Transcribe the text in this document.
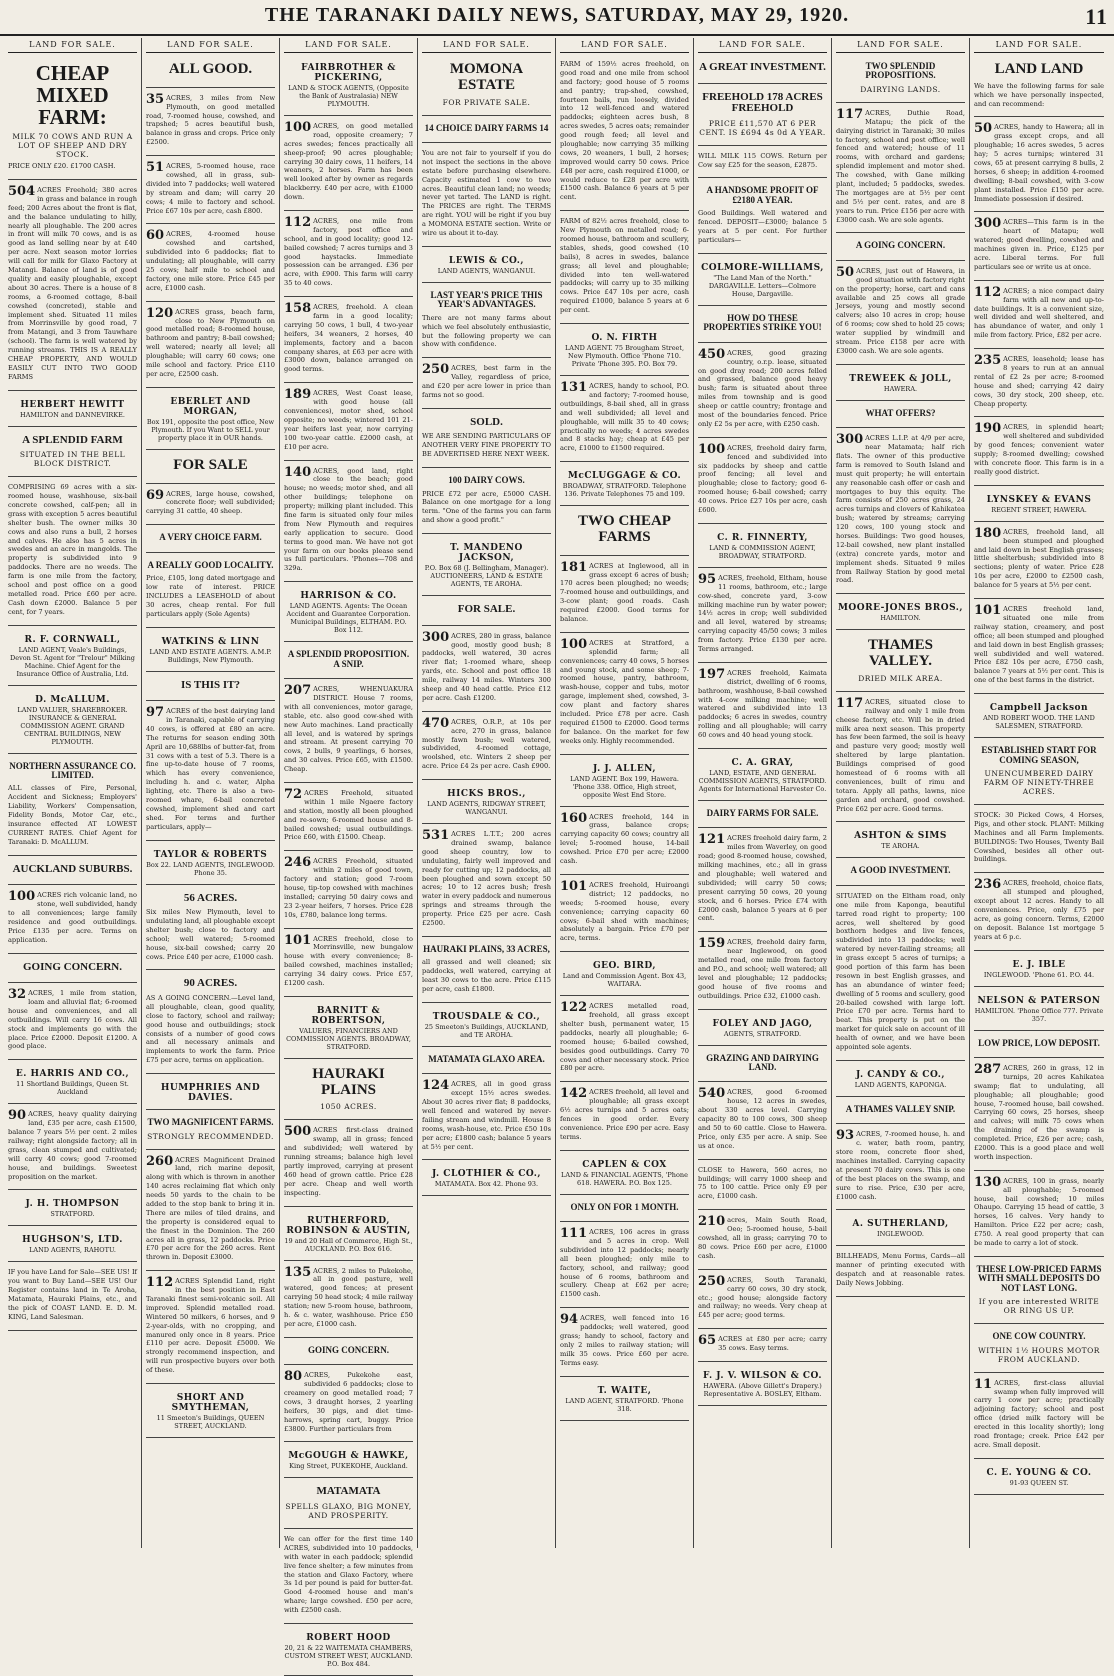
THE TARANAKI DAILY NEWS, SATURDAY, MAY 29, 1920.	11
LAND FOR SALE.
CHEAP MIXED FARM:
MILK 70 COWS AND RUN A LOT OF SHEEP AND DRY STOCK.
PRICE ONLY £20. £1700 CASH.
504 ACRES Freehold; 380 acres in grass and balance in rough feed; 200 Acres about the front is flat, and the balance undulating to hilly, nearly all ploughable. The 200 acres in front will milk 70 cows, and is as good as land selling near by at £40 per acre. Next season motor lorries will call for milk for Glaxo Factory at Matangi. Balance of land is of good quality and easily ploughable, except about 30 acres. There is a house of 8 rooms, a 6-roomed cottage, 8-bail cowshed (concreted), stable and implement shed. Situated 11 miles from Morrinsville by good road, 7 from Matangi, and 3 from Tauwhare (school). The farm is well watered by running streams. THIS IS A REALLY CHEAP PROPERTY, AND WOULD EASILY CUT INTO TWO GOOD FARMS
HERBERT HEWITT
HAMILTON and DANNEVIRKE.
A SPLENDID FARM
SITUATED IN THE BELL BLOCK DISTRICT.
COMPRISING 69 acres with a six-roomed house, washhouse, six-bail concrete cowshed, calf-pen; all in grass with exception 5 acres beautiful shelter bush. The owner milks 30 cows and also runs a bull, 2 horses and calves. He also has 5 acres in swedes and an acre in mangolds. The property is subdivided into 9 paddocks. There are no weeds. The farm is one mile from the factory, school and post office on a good metalled road. Price £60 per acre. Cash down £2000. Balance 5 per cent, for 7 years.
R. F. CORNWALL,
LAND AGENT, Veale's Buildings, Devon St. Agent for "Trelour" Milking Machine. Chief Agent for the Insurance Office of Australia, Ltd.
D. McALLUM.
LAND VALUER, SHAREBROKER. INSURANCE & GENERAL COMMISSION AGENT. GRAND CENTRAL BUILDINGS, NEW PLYMOUTH.
NORTHERN ASSURANCE CO. LIMITED.
ALL classes of Fire, Personal, Accident and Sickness; Employers' Liability, Workers' Compensation, Fidelity Bonds, Motor Car, etc., insurance effected AT LOWEST CURRENT RATES. Chief Agent for Taranaki: D. McALLUM.
AUCKLAND SUBURBS.
100 ACRES rich volcanic land, no stone, well subdivided, handy to all conveniences; large family residence and good outbuildings. Price £135 per acre. Terms on application.
GOING CONCERN.
32 ACRES, 1 mile from station, loam and alluvial flat; 6-roomed house and conveniences, and all outbuildings. Will carry 16 cows. All stock and implements go with the place. Price £2000. Deposit £1200. A good place.
E. HARRIS AND CO.,
11 Shortland Buildings, Queen St. Auckland
90 ACRES, heavy quality dairying land, £35 per acre, cash £1500, balance 7 years 5½ per cent. 2 miles railway; right alongside factory; all in grass, clean stumped and cultivated; will carry 40 cows; good 7-roomed house, and buildings. Sweetest proposition on the market.
J. H. THOMPSON
STRATFORD.
HUGHSON'S, LTD.
LAND AGENTS, RAHOTU.
IF you have Land for Sale—SEE US! If you want to Buy Land—SEE US! Our Register contains land in Te Aroha, Matamata, Hauraki Plains, etc., and the pick of COAST LAND. E. D. M. KING, Land Salesman.
LAND FOR SALE.
ALL GOOD.
35 ACRES, 3 miles from New Plymouth, on good metalled road, 7-roomed house, cowshed, and trapshed; 5 acres beautiful bush, balance in grass and crops. Price only £2500.
51 ACRES, 5-roomed house, race cowshed, all in grass, sub-divided into 7 paddocks; well watered by stream and dam; will carry 20 cows; 4 mile to factory and school. Price £67 10s per acre, cash £800.
60 ACRES, 4-roomed house cowshed and cartshed, subdivided into 6 paddocks; flat to undulating; all ploughable, will carry 25 cows; half mile to school and factory, one mile store. Price £45 per acre, £1000 cash.
120 ACRES grass, beach farm, close to New Plymouth on good metalled road; 8-roomed house, bathroom and pantry; 8-bail cowshed; well watered; nearly all level; all ploughable; will carry 60 cows; one mile school and factory. Price £110 per acre, £2500 cash.
EBERLET AND MORGAN,
Box 191, opposite the post office, New Plymouth. If you Want to SELL your property place it in OUR hands.
FOR SALE
69 ACRES, large house, cowshed, concrete floor; well subdivided; carrying 31 cattle, 40 sheep.
A VERY CHOICE FARM.
A REALLY GOOD LOCALITY.
Price, £105, long dated mortgage and low rate of interest. PRICE INCLUDES a LEASEHOLD of about 30 acres, cheap rental. For full particulars apply (Sole Agents)
WATKINS & LINN
LAND AND ESTATE AGENTS. A.M.P. Buildings, New Plymouth.
IS THIS IT?
97 ACRES of the best dairying land in Taranaki, capable of carrying 40 cows, is offered at £80 an acre. The returns for season ending 30th April are 10,688lbs of butter-fat, from 31 cows with a test of 5.3. There is a fine up-to-date house of 7 rooms, which has every convenience, including h. and c. water, Alpha lighting, etc. There is also a two-roomed whare, 6-bail concreted cowshed, implement shed and cart shed. For terms and further particulars, apply—
TAYLOR & ROBERTS
Box 22. LAND AGENTS, INGLEWOOD. Phone 35.
56 ACRES.
Six miles New Plymouth, level to undulating land, all ploughable except shelter bush; close to factory and school; well watered; 5-roomed house, six-bail cowshed; carry 20 cows. Price £40 per acre, £1000 cash.
90 ACRES.
AS A GOING CONCERN.—Level land, all ploughable, clean, good quality, close to factory, school and railway; good house and outbuildings; stock consists of a number of good cows and all necessary animals and implements to work the farm. Price £75 per acre, terms on application.
HUMPHRIES AND DAVIES.
TWO MAGNIFICENT FARMS.
STRONGLY RECOMMENDED.
260 ACRES Magnificent Drained land, rich marine deposit, along with which is thrown in another 140 acres reclaiming flat which only needs 50 yards to the chain to be added to the stop bank to bring it in. There are miles of tiled drains, and the property is considered equal to the finest in the Dominion. The 260 acres all in grass, 12 paddocks. Price £70 per acre for the 260 acres. Rent thrown in. Deposit £3000.
112 ACRES Splendid Land, right in the best position in East Taranaki finest semi-volcanic soil. All improved. Splendid metalled road. Wintered 50 milkers, 6 horses, and 9 2-year-olds, with no cropping, and manured only once in 8 years. Price £110 per acre. Deposit £5000. We strongly recommend inspection, and will run prospective buyers over both of these.
SHORT AND SMYTHEMAN,
11 Smeeton's Buildings, QUEEN STREET, AUCKLAND.
LAND FOR SALE.
FAIRBROTHER & PICKERING,
LAND & STOCK AGENTS, (Opposite the Bank of Australasia) NEW PLYMOUTH.
100 ACRES, on good metalled road, opposite creamery; 7 acres swedes; fences practically all sheep-proof; 90 acres ploughable; carrying 30 dairy cows, 11 heifers, 14 weaners, 2 horses. Farm has been well looked after by owner as regards blackberry. £40 per acre, with £1000 down.
112 ACRES, one mile from factory, post office and school, and in good locality; good 12-bailed cowshed; 7 acres turnips and 3 good haystacks. Immediate possession can be arranged. £36 per acre, with £900. This farm will carry 35 to 40 cows.
158 ACRES, freehold. A clean farm in a good locality; carrying 50 cows, 1 bull, 4 two-year heifers, 34 weaners, 2 horses, 40 implements, factory and a bacon company shares, at £63 per acre with £3000 down, balance arranged on good terms.
189 ACRES, West Coast lease, with good house (all conveniences), motor shed, school opposite; no weeds; wintered 101 21-year heifers last year, now carrying 100 two-year cattle. £2000 cash, at £10 per acre.
140 ACRES, good land, right close to the beach; good house; no weeds; motor shed, and all other buildings; telephone on property; milking plant included. This fine farm is situated only four miles from New Plymouth and requires early application to secure. Good terms to good man. We have not got your farm on our books please send us full particulars. 'Phones—708 and 329a.
HARRISON & CO.
LAND AGENTS. Agents: The Ocean Accident and Guarantee Corporation. Municipal Buildings, ELTHAM. P.O. Box 112.
A SPLENDID PROPOSITION. A SNIP.
207 ACRES, WHENUAKURA DISTRICT. House 7 rooms, with all conveniences, motor garage, stable, etc. also good cow-shed with new Auto machines. Land practically all level, and is watered by springs and stream. At present carrying 70 cows, 2 bulls, 9 yearlings, 6 horses, and 30 calves. Price £65, with £1500. Cheap.
72 ACRES Freehold, situated within 1 mile Ngaere factory and station, mostly all been ploughed and re-sown; 6-roomed house and 8-bailed cowshed; usual outbuildings. Price £60, with £1500. Cheap.
246 ACRES Freehold, situated within 2 miles of good town, factory and station; good 7-room house, tip-top cowshed with machines installed; carrying 50 dairy cows and 23 2-year heifers, 7 horses. Price £28 10s, £780, balance long terms.
101 ACRES freehold, close to Morrinsville, new bungalow house with every convenience; 8-bailed cowshed, machines installed; carrying 34 dairy cows. Price £57, £1200 cash.
BARNITT & ROBERTSON,
VALUERS, FINANCIERS AND COMMISSION AGENTS. BROADWAY, STRATFORD.
HAURAKI PLAINS
1050 ACRES.
500 ACRES first-class drained swamp, all in grass; fenced and subdivided; well watered by running streams; balance high level partly improved, carrying at present 460 head of grown cattle. Price £28 per acre. Cheap and well worth inspecting.
RUTHERFORD, ROBINSON & AUSTIN,
19 and 20 Hall of Commerce, High St., AUCKLAND. P.O. Box 616.
135 ACRES, 2 miles to Pukekohe, all in good pasture, well watered, good fences; at present carrying 50 head stock; 4 mile railway station; new 5-room house, bathroom, h. & c. water, washhouse. Price £50 per acre, £1000 cash.
GOING CONCERN.
80 ACRES, Pukekohe east, subdivided 6 paddocks; close to creamery on good metalled road; 7 cows, 3 draught horses, 2 yearling heifers, 30 pigs, and diet time-harrows, spring cart, buggy. Price £3800. Further particulars from
McGOUGH & HAWKE,
King Street, PUKEKOHE, Auckland.
MATAMATA
SPELLS GLAXO, BIG MONEY, AND PROSPERITY.
We can offer for the first time 140 ACRES, subdivided into 10 paddocks, with water in each paddock; splendid live fence shelter; a few minutes from the station and Glaxo Factory, where 3s 1d per pound is paid for butter-fat. Good 4-roomed house and man's whare; large cowshed. £50 per acre, with £2500 cash.
ROBERT HOOD
20, 21 & 22 WAITEMATA CHAMBERS, CUSTOM STREET WEST, AUCKLAND. P.O. Box 484.
LAND FOR SALE.
MOMONA ESTATE
FOR PRIVATE SALE.
14 CHOICE DAIRY FARMS 14
You are not fair to yourself if you do not inspect the sections in the above estate before purchasing elsewhere. Capacity estimated 1 cow to two acres. Beautiful clean land; no weeds; never yet tarted. The LAND is right. The PRICES are right. The TERMS are right. YOU will be right if you buy a MOMONA ESTATE section. Write or wire us about it to-day.
LEWIS & CO.,
LAND AGENTS, WANGANUI.
LAST YEAR'S PRICE THIS YEAR'S ADVANTAGES.
There are not many farms about which we feel absolutely enthusiastic, but the following property we can show with confidence.
250 ACRES, best farm in the Valley, regardless of price, and £20 per acre lower in price than farms not so good.
SOLD.
WE ARE SENDING PARTICULARS OF ANOTHER VERY FINE PROPERTY TO BE ADVERTISED HERE NEXT WEEK.
100 DAIRY COWS.
PRICE £72 per acre, £5000 CASH. Balance on one mortgage for a long term. "One of the farms you can farm and show a good profit."
T. MANDENO JACKSON,
P.O. Box 68 (J. Bellingham, Manager). AUCTIONEERS, LAND & ESTATE AGENTS, TE AROHA.
FOR SALE.
300 ACRES, 280 in grass, balance good, mostly good bush; 8 paddocks, well watered, 30 acres river flat; 1-roomed whare, sheep yards, etc. School and post office 18 mile, railway 14 miles. Winters 300 sheep and 40 head cattle. Price £12 per acre. Cash £1200.
470 ACRES, O.R.P., at 10s per acre, 270 in grass, balance mostly fawn bush; well watered, subdivided, 4-roomed cottage, woolshed, etc. Winters 2 sheep per acre. Price £4 2s per acre. Cash £900.
HICKS BROS.,
LAND AGENTS, RIDGWAY STREET, WANGANUI.
531 ACRES L.T.T.; 200 acres drained swamp, balance good sheep country, low to undulating, fairly well improved and ready for cutting up; 12 paddocks, all been ploughed and sown except 50 acres; 10 to 12 acres bush; fresh water in every paddock and numerous springs and streams through the property. Price £25 per acre. Cash £2500.
HAURAKI PLAINS, 33 ACRES,
all grassed and well cleaned; six paddocks, well watered, carrying at least 30 cows to the acre. Price £115 per acre, cash £1800.
TROUSDALE & CO.,
25 Smeeton's Buildings, AUCKLAND, and TE AROHA.
MATAMATA GLAXO AREA.
124 ACRES, all in good grass except 15½ acres swedes. About 30 acres river flat; 8 paddocks, well fenced and watered by never-failing stream and windmill. House 8 rooms, wash-house, etc. Price £50 10s per acre; £1800 cash; balance 5 years at 5½ per cent.
J. CLOTHIER & CO.,
MATAMATA. Box 42. Phone 93.
LAND FOR SALE.
FARM of 159½ acres freehold, on good road and one mile from school and factory; good house of 5 rooms and pantry; trap-shed, cowshed, fourteen bails, run loosely, divided into 12 well-fenced and watered paddocks; eighteen acres bush, 8 acres swedes, 5 acres oats; remainder good rough feed; all level and ploughable; now carrying 35 milking cows, 20 weaners, 1 bull, 2 horses; improved would carry 50 cows. Price £48 per acre, cash required £1000, or would reduce to £28 per acre with £1500 cash. Balance 6 years at 5 per cent.
FARM of 82½ acres freehold, close to New Plymouth on metalled road; 6-roomed house, bathroom and scullery, stables, sheds, good cowshed (10 bails), 8 acres in swedes, balance grass; all level and ploughable; divided into ten well-watered paddocks; will carry up to 35 milking cows. Price £47 10s per acre, cash required £1000, balance 5 years at 6 per cent.
O. N. FIRTH
LAND AGENT. 75 Brougham Street, New Plymouth. Office 'Phone 710. Private 'Phone 395. P.O. Box 79.
131 ACRES, handy to school, P.O. and factory; 7-roomed house, outbuildings, 8-bail shed, all in grass and well subdivided; all level and ploughable, will milk 35 to 40 cows; practically no weeds; 4 acres swedes and 8 stacks hay; cheap at £45 per acre, £1000 to £1500 required.
McCLUGGAGE & CO.
BROADWAY, STRATFORD. Telephone 136. Private Telephones 75 and 109.
TWO CHEAP FARMS
181 ACRES at Inglewood, all in grass except 6 acres of bush; 170 acres been ploughed; no weeds; 7-roomed house and outbuildings, and 3-cow plant; good roads. Cash required £2000. Good terms for balance.
100 ACRES at Stratford, a splendid farm; all conveniences; carry 40 cows, 5 horses and young stock, and some sheep; 7-roomed house, pantry, bathroom, wash-house, copper and tubs, motor garage, implement shed, cowshed, 3-cow plant and factory shares included. Price £78 per acre. Cash required £1500 to £2000. Good terms for balance. On the market for few weeks only. Highly recommended.
J. J. ALLEN,
LAND AGENT. Box 199, Hawera. 'Phone 338. Office, High street, opposite West End Store.
160 ACRES freehold, 144 in grass, balance crops; carrying capacity 60 cows; country all level; 5-roomed house, 14-bail cowshed. Price £70 per acre; £2000 cash.
101 ACRES freehold, Huiroangi district; 12 paddocks, no weeds; 5-roomed house, every convenience; carrying capacity 60 cows; 6-bail shed with machines; absolutely a bargain. Price £70 per acre, terms.
GEO. BIRD,
Land and Commission Agent. Box 43, WAITARA.
122 ACRES metalled road, freehold, all grass except shelter bush, permanent water, 15 paddocks, nearly all ploughable; 6-roomed house; 6-bailed cowshed, besides good outbuildings. Carry 70 cows and other necessary stock. Price £80 per acre.
142 ACRES freehold, all level and ploughable; all grass except 6½ acres turnips and 5 acres oats; fences in good order. Every convenience. Price £90 per acre. Easy terms.
CAPLEN & COX
LAND & FINANCIAL AGENTS, 'Phone 618. HAWERA. P.O. Box 125.
ONLY ON FOR 1 MONTH.
111 ACRES, 106 acres in grass and 5 acres in crop. Well subdivided into 12 paddocks; nearly all been ploughed; only mile to factory, school, and railway; good house of 6 rooms, bathroom and scullery. Cheap at £62 per acre; £1500 cash.
94 ACRES, well fenced into 16 paddocks; well watered, good grass; handy to school, factory and only 2 miles to railway station; will milk 35 cows. Price £60 per acre. Terms easy.
T. WAITE,
LAND AGENT, STRATFORD. 'Phone 318.
LAND FOR SALE.
A GREAT INVESTMENT.
FREEHOLD 178 ACRES FREEHOLD
PRICE £11,570 AT 6 PER CENT. IS £694 4s 0d A YEAR.
WILL MILK 115 COWS. Return per Cow say £25 for the season, £2875.
A HANDSOME PROFIT OF £2180 A YEAR.
Good Buildings. Well watered and fenced. DEPOSIT—£3000; balance 5 years at 5 per cent. For further particulars—
COLMORE-WILLIAMS,
"The Land Man of the North." DARGAVILLE. Letters—Colmore House, Dargaville.
HOW DO THESE PROPERTIES STRIKE YOU!
450 ACRES, good grazing country, o.r.p. lease, situated on good dray road; 200 acres felled and grassed, balance good heavy bush; farm is situated about three miles from township and is good sheep or cattle country; frontage and most of the boundaries fenced. Price only £2 5s per acre, with £250 cash.
100 ACRES, freehold dairy farm, fenced and subdivided into six paddocks by sheep and cattle proof fencing; all level and ploughable; close to factory; good 6-roomed house; 6-bail cowshed; carry 40 cows. Price £27 10s per acre, cash £600.
C. R. FINNERTY,
LAND & COMMISSION AGENT, BROADWAY, STRATFORD.
95 ACRES, freehold, Eltham, house 11 rooms, bathroom, etc.; large cow-shed, concrete yard, 3-cow milking machine run by water power; 14½ acres in crop; well subdivided and all level, watered by streams; carrying capacity 45/50 cows; 3 miles from factory. Price £130 per acre. Terms arranged.
197 ACRES freehold, Kaimata district, dwelling of 6 rooms, bathroom, washhouse, 8-bail cowshed with 4-cow milking machine; well watered and subdivided into 13 paddocks; 6 acres in swedes, country rolling and all ploughable; will carry 60 cows and 40 head young stock.
C. A. GRAY,
LAND, ESTATE, AND GENERAL COMMISSION AGENTS, STRATFORD. Agents for International Harvester Co.
DAIRY FARMS FOR SALE.
121 ACRES freehold dairy farm, 2 miles from Waverley, on good road; good 8-roomed house, cowshed, milking machines, etc.; all in grass and ploughable; well watered and subdivided; will carry 50 cows; present carrying 50 cows, 20 young stock, and 6 horses. Price £74 with £2000 cash, balance 5 years at 6 per cent.
159 ACRES, freehold dairy farm, near Inglewood, on good metalled road, one mile from factory and P.O., and school; well watered; all level and ploughable; 12 paddocks; good house of five rooms and outbuildings. Price £32, £1000 cash.
FOLEY AND JAGO,
AGENTS, STRATFORD.
GRAZING AND DAIRYING LAND.
540 ACRES, good 6-roomed house, 12 acres in swedes, about 330 acres level. Carrying capacity 80 to 100 cows, 300 sheep and 50 to 60 cattle. Close to Hawera. Price, only £35 per acre. A snip. See us at once.
CLOSE to Hawera, 560 acres, no buildings; will carry 1000 sheep and 75 to 100 cattle. Price only £9 per acre, £1000 cash.
210 acres, Main South Road, Oeo; 5-roomed house, 5-bail cowshed, all in grass; carrying 70 to 80 cows. Price £60 per acre, £1000 cash.
250 ACRES, South Taranaki, carry 60 cows, 30 dry stock, etc.; good house; alongside factory and railway; no weeds. Very cheap at £45 per acre; good terms.
65 ACRES at £80 per acre; carry 35 cows. Easy terms.
F. J. V. WILSON & CO.
HAWERA. (Above Gillett's Drapery.) Representative A. BOSLEY, Eltham.
LAND FOR SALE.
TWO SPLENDID PROPOSITIONS.
DAIRYING LANDS.
117 ACRES, Duthie Road, Matapu; the pick of the dairying district in Taranaki; 30 miles to factory, school and post office; well fenced and watered; house of 11 rooms, with orchard and gardens; splendid implement and motor shed. The cowshed, with Gane milking plant, included; 5 paddocks, swedes. The mortgages are at 5½ per cent and 5½ per cent. rates, and are 8 years to run. Price £156 per acre with £3000 cash. We are sole agents.
A GOING CONCERN.
50 ACRES, just out of Hawera, in good situation with factory right on the property; horse, cart and cans available and 25 cows all grade Jerseys, young and mostly second calvers; also 10 acres in crop; house of 6 rooms; cow shed to hold 25 cows; water supplied by windmill and stream. Price £158 per acre with £3000 cash. We are sole agents.
TREWEEK & JOLL,
HAWERA.
WHAT OFFERS?
300 ACRES L.I.P. at 4/9 per acre, near Matamata; half rich flats. The owner of this productive farm is removed to South Island and must quit property; he will entertain any reasonable cash offer or cash and mortgages to buy this equity. The farm consists of 250 acres grass, 24 acres turnips and clovers of Kahikatea bush; watered by streams; carrying 120 cows, 100 young stock and horses. Buildings: Two good houses, 12-bail cowshed, new plant installed (extra) concrete yards, motor and implement sheds. Situated 9 miles from Railway Station by good metal road.
MOORE-JONES BROS.,
HAMILTON.
THAMES VALLEY.
DRIED MILK AREA.
117 ACRES, situated close to railway and only 1 mile from cheese factory, etc. Will be in dried milk area next season. This property has few been farmed, the soil is heavy and pasture very good; mostly well sheltered by large plantation. Buildings comprised of good homestead of 6 rooms with all conveniences, built of rimu and totara. Apply all paths, lawns, nice garden and orchard, good cowshed. Price £62 per acre. Good terms.
ASHTON & SIMS
TE AROHA.
A GOOD INVESTMENT.
SITUATED on the Eltham road, only one mile from Kaponga, beautiful tarred road right to property; 100 acres, well sheltered by good boxthorn hedges and live fences, subdivided into 13 paddocks; well watered by never-failing streams; all in grass except 5 acres of turnips; a good portion of this farm has been resown in best English grasses, and has an abundance of winter feed; dwelling of 5 rooms and scullery, good 20-bailed cowshed with large loft. Price £70 per acre. Terms hard to beat. This property is put on the market for quick sale on account of ill health of owner, and we have been appointed sole agents.
J. CANDY & CO.,
LAND AGENTS, KAPONGA.
A THAMES VALLEY SNIP.
93 ACRES, 7-roomed house, h. and c. water, bath room, pantry, store room, concrete floor shed, machines installed. Carrying capacity at present 70 dairy cows. This is one of the best places on the swamp, and sure to rise. Price, £30 per acre, £1000 cash.
A. SUTHERLAND,
INGLEWOOD.
BILLHEADS, Menu Forms, Cards—all manner of printing executed with despatch and at reasonable rates. Daily News Jobbing.
LAND FOR SALE.
LAND LAND
We have the following farms for sale which we have personally inspected, and can recommend:
50 ACRES, handy to Hawera; all in grass except crops, and all ploughable; 16 acres swedes, 5 acres hay; 5 acres turnips; wintered 31 cows, 65 at present carrying 8 bulls, 2 horses, 6 sheep; in addition 4-roomed dwelling; 8-bail cowshed, with 3-cow plant installed. Price £150 per acre. Immediate possession if desired.
300 ACRES—This farm is in the heart of Matapu; well watered; good dwelling, cowshed and machines given in. Price, £125 per acre. Liberal terms. For full particulars see or write us at once.
112 ACRES; a nice compact dairy farm with all new and up-to-date buildings. It is a convenient size, well divided and well sheltered, and has abundance of water, and only 1 mile from factory. Price, £82 per acre.
235 ACRES, leasehold; lease has 8 years to run at an annual rental of £2 2s per acre; 8-roomed house and shed; carrying 42 dairy cows, 30 dry stock, 200 sheep, etc. Cheap property.
190 ACRES, in splendid heart; well sheltered and subdivided by good fences; convenient water supply; 8-roomed dwelling; cowshed with concrete floor. This farm is in a really good district.
LYNSKEY & EVANS
REGENT STREET, HAWERA.
180 ACRES, freehold land, all been stumped and ploughed and laid down in best English grasses; little shelterbush; subdivided into 8 sections; plenty of water. Price £28 10s per acre, £2000 to £2500 cash, balance for 5 years at 5½ per cent.
101 ACRES freehold land, situated one mile from railway station, creamery, and post office; all been stumped and ploughed and laid down in best English grasses; well subdivided and well watered. Price £82 10s per acre, £750 cash, balance 7 years at 5½ per cent. This is one of the best farms in the district.
Campbell Jackson
AND ROBERT WOOD. THE LAND SALESMEN, STRATFORD.
ESTABLISHED START FOR COMING SEASON,
UNENCUMBERED DAIRY FARM OF NINETY-THREE ACRES.
STOCK: 30 Picked Cows, 4 Horses, Pigs, and other stock. PLANT: Milking Machines and all Farm Implements. BUILDINGS: Two Houses, Twenty Bail Cowshed, besides all other out-buildings.
236 ACRES, freehold, choice flats, all stumped and ploughed, except about 12 acres. Handy to all conveniences. Price, only £75 per acre, as going concern. Terms, £2000 on deposit. Balance 1st mortgage 5 years at 6 p.c.
E. J. IBLE
INGLEWOOD. 'Phone 61. P.O. 44.
NELSON & PATERSON
HAMILTON. 'Phone Office 777. Private 357.
LOW PRICE, LOW DEPOSIT.
287 ACRES, 260 in grass, 12 in turnips, 20 acres Kahikatea swamp; flat to undulating, all ploughable; all ploughable; good house, 7-roomed house, bail cowshed. Carrying 60 cows, 25 horses, sheep and calves; will milk 75 cows when the draining of the swamp is completed. Price, £26 per acre; cash, £2000. This is a good place and well worth inspection.
130 ACRES, 100 in grass, nearly all ploughable; 5-roomed house, bail cowshed; 10 miles Ohaupo. Carrying 15 head of cattle, 3 horses, 16 calves. Very handy to Hamilton. Price £22 per acre; cash, £750. A real good property that can be made to carry a lot of stock.
THESE LOW-PRICED FARMS WITH SMALL DEPOSITS DO NOT LAST LONG.
If you are interested WRITE OR RING US UP.
ONE COW COUNTRY.
WITHIN 1½ HOURS MOTOR FROM AUCKLAND.
11 ACRES, first-class alluvial swamp when fully improved will carry 1 cow per acre; practically adjoining factory; school and post office (dried milk factory will be erected in this locality shortly); long road frontage; creek. Price £42 per acre. Small deposit.
C. E. YOUNG & CO.
91-93 QUEEN ST.
